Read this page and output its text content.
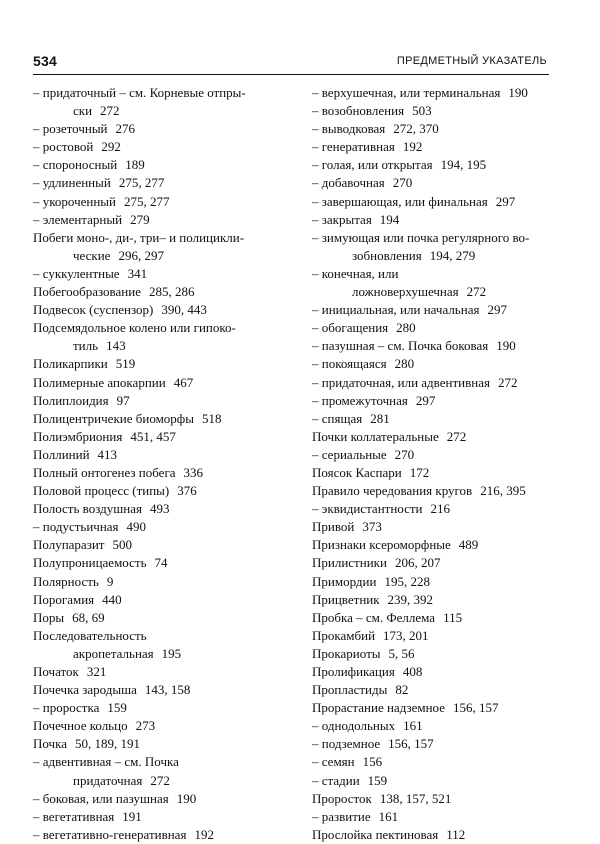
534	ПРЕДМЕТНЫЙ УКАЗАТЕЛЬ
– придаточный – см. Корневые отпры-
ски 272
– розеточный 276
– ростовой 292
– спороносный 189
– удлиненный 275, 277
– укороченный 275, 277
– элементарный 279
Побеги моно-, ди-, три– и полицикли-
ческие 296, 297
– суккулентные 341
Побегообразование 285, 286
Подвесок (суспензор) 390, 443
Подсемядольное колено или гипоко-
тиль 143
Поликарпики 519
Полимерные апокарпии 467
Полиплоидия 97
Полицентричекие биоморфы 518
Полиэмбриония 451, 457
Поллиний 413
Полный онтогенез побега 336
Половой процесс (типы) 376
Полость воздушная 493
– подустьичная 490
Полупаразит 500
Полупроницаемость 74
Полярность 9
Порогамия 440
Поры 68, 69
Последовательность
акропетальная 195
Початок 321
Почечка зародыша 143, 158
– проростка 159
Почечное кольцо 273
Почка 50, 189, 191
– адвентивная – см. Почка
придаточная 272
– боковая, или пазушная 190
– вегетативная 191
– вегетативно-генеративная 192
– верхушечная, или терминальная 190
– возобновления 503
– выводковая 272, 370
– генеративная 192
– голая, или открытая 194, 195
– добавочная 270
– завершающая, или финальная 297
– закрытая 194
– зимующая или почка регулярного во-
зобновления 194, 279
– конечная, или
ложноверхушечная 272
– инициальная, или начальная 297
– обогащения 280
– пазушная – см. Почка боковая 190
– покоящаяся 280
– придаточная, или адвентивная 272
– промежуточная 297
– спящая 281
Почки коллатеральные 272
– сериальные 270
Поясок Каспари 172
Правило чередования кругов 216, 395
– эквидистантности 216
Привой 373
Признаки ксероморфные 489
Прилистники 206, 207
Примордии 195, 228
Прицветник 239, 392
Пробка – см. Феллема 115
Прокамбий 173, 201
Прокариоты 5, 56
Пролификация 408
Пропластиды 82
Прорастание надземное 156, 157
– однодольных 161
– подземное 156, 157
– семян 156
– стадии 159
Проросток 138, 157, 521
– развитие 161
Прослойка пектиновая 112
